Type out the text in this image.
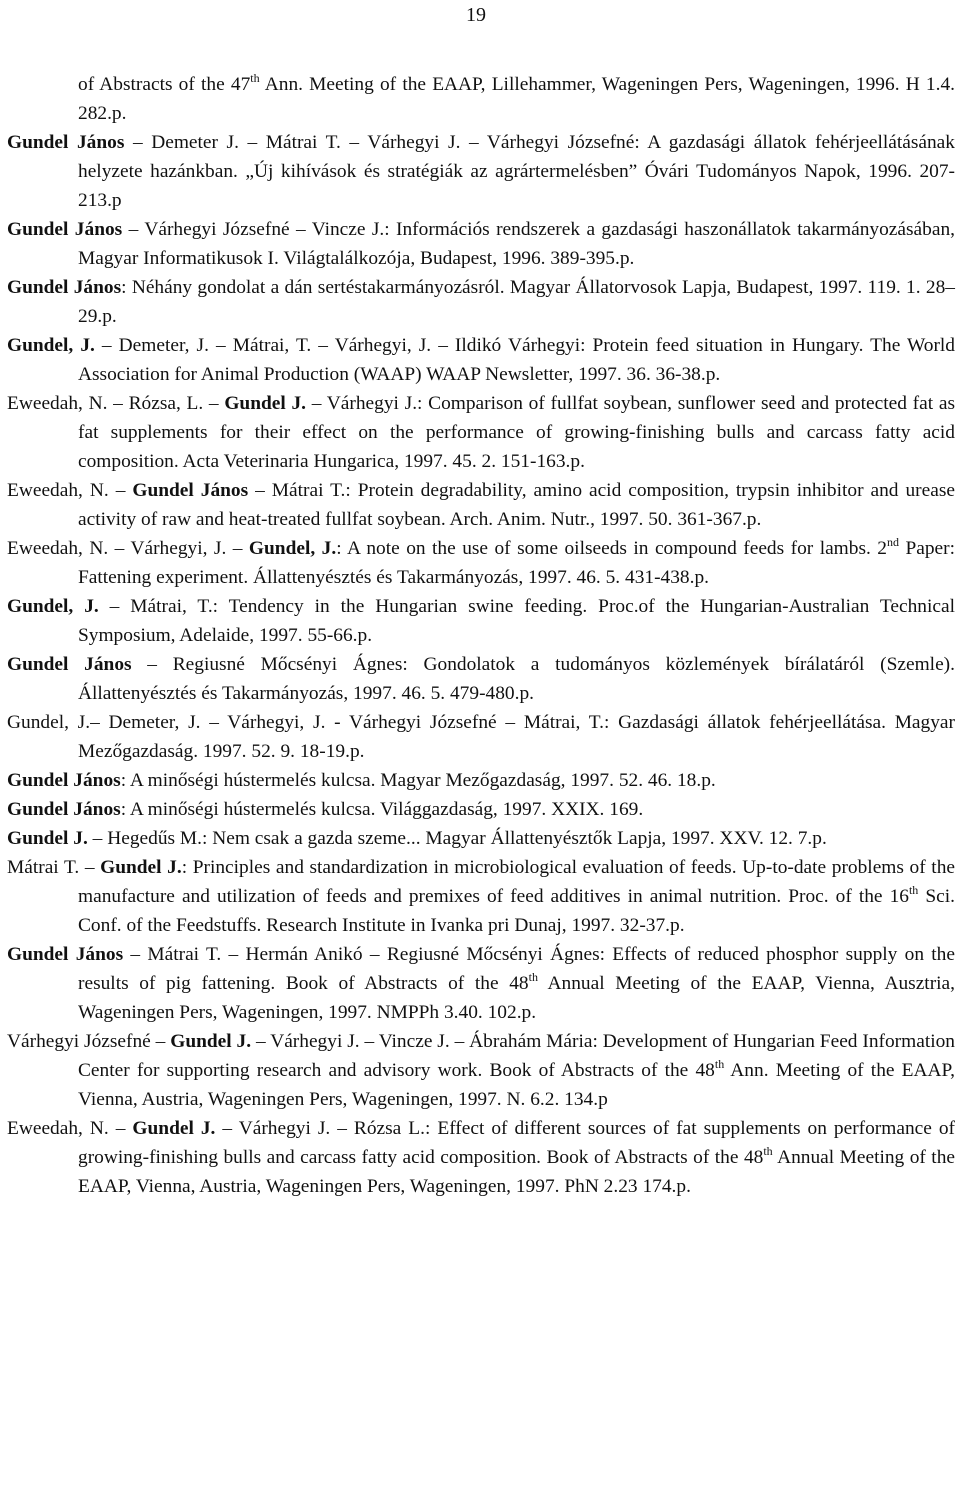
19

of Abstracts of the 47th Ann. Meeting of the EAAP, Lillehammer, Wageningen Pers, Wageningen, 1996. H 1.4. 282.p.

Gundel János – Demeter J. – Mátrai T. – Várhegyi J. – Várhegyi Józsefné: A gazdasági állatok fehérjeellátásának helyzete hazánkban. „Új kihívások és stratégiák az agrártermelésben” Óvári Tudományos Napok, 1996. 207-213.p

Gundel János – Várhegyi Józsefné – Vincze J.: Információs rendszerek a gazdasági haszonállatok takarmányozásában, Magyar Informatikusok I. Világtalálkozója, Budapest, 1996. 389-395.p.

Gundel János: Néhány gondolat a dán sertéstakarmányozásról. Magyar Állatorvosok Lapja, Budapest, 1997. 119. 1. 28–29.p.

Gundel, J. – Demeter, J. – Mátrai, T. – Várhegyi, J. – Ildikó Várhegyi: Protein feed situation in Hungary. The World Association for Animal Production (WAAP) WAAP Newsletter, 1997. 36. 36-38.p.

Eweedah, N. – Rózsa, L. – Gundel J. – Várhegyi J.: Comparison of fullfat soybean, sunflower seed and protected fat as fat supplements for their effect on the performance of growing-finishing bulls and carcass fatty acid composition. Acta Veterinaria Hungarica, 1997. 45. 2. 151-163.p.

Eweedah, N. – Gundel János – Mátrai T.: Protein degradability, amino acid composition, trypsin inhibitor and urease activity of raw and heat-treated fullfat soybean. Arch. Anim. Nutr., 1997. 50. 361-367.p.

Eweedah, N. – Várhegyi, J. – Gundel, J.: A note on the use of some oilseeds in compound feeds for lambs. 2nd Paper: Fattening experiment. Állattenyésztés és Takarmányozás, 1997. 46. 5. 431-438.p.

Gundel, J. – Mátrai, T.: Tendency in the Hungarian swine feeding. Proc.of the Hungarian-Australian Technical Symposium, Adelaide, 1997. 55-66.p.

Gundel János – Regiusné Mőcsényi Ágnes: Gondolatok a tudományos közlemények bírálatáról (Szemle). Állattenyésztés és Takarmányozás, 1997. 46. 5. 479-480.p.

Gundel, J.– Demeter, J. – Várhegyi, J. - Várhegyi Józsefné – Mátrai, T.: Gazdasági állatok fehérjeellátása. Magyar Mezőgazdaság. 1997. 52. 9. 18-19.p.

Gundel János: A minőségi hústermelés kulcsa. Magyar Mezőgazdaság, 1997. 52. 46. 18.p.

Gundel János: A minőségi hústermelés kulcsa. Világgazdaság, 1997. XXIX. 169.

Gundel J. – Hegedűs M.: Nem csak a gazda szeme... Magyar Állattenyésztők Lapja, 1997. XXV. 12. 7.p.

Mátrai T. – Gundel J.: Principles and standardization in microbiological evaluation of feeds. Up-to-date problems of the manufacture and utilization of feeds and premixes of feed additives in animal nutrition. Proc. of the 16th Sci. Conf. of the Feedstuffs. Research Institute in Ivanka pri Dunaj, 1997. 32-37.p.

Gundel János – Mátrai T. – Hermán Anikó – Regiusné Mőcsényi Ágnes: Effects of reduced phosphor supply on the results of pig fattening. Book of Abstracts of the 48th Annual Meeting of the EAAP, Vienna, Ausztria, Wageningen Pers, Wageningen, 1997. NMPPh 3.40. 102.p.

Várhegyi Józsefné – Gundel J. – Várhegyi J. – Vincze J. – Ábrahám Mária: Development of Hungarian Feed Information Center for supporting research and advisory work. Book of Abstracts of the 48th Ann. Meeting of the EAAP, Vienna, Austria, Wageningen Pers, Wageningen, 1997. N. 6.2. 134.p

Eweedah, N. – Gundel J. – Várhegyi J. – Rózsa L.: Effect of different sources of fat supplements on performance of growing-finishing bulls and carcass fatty acid composition. Book of Abstracts of the 48th Annual Meeting of the EAAP, Vienna, Austria, Wageningen Pers, Wageningen, 1997. PhN 2.23 174.p.
